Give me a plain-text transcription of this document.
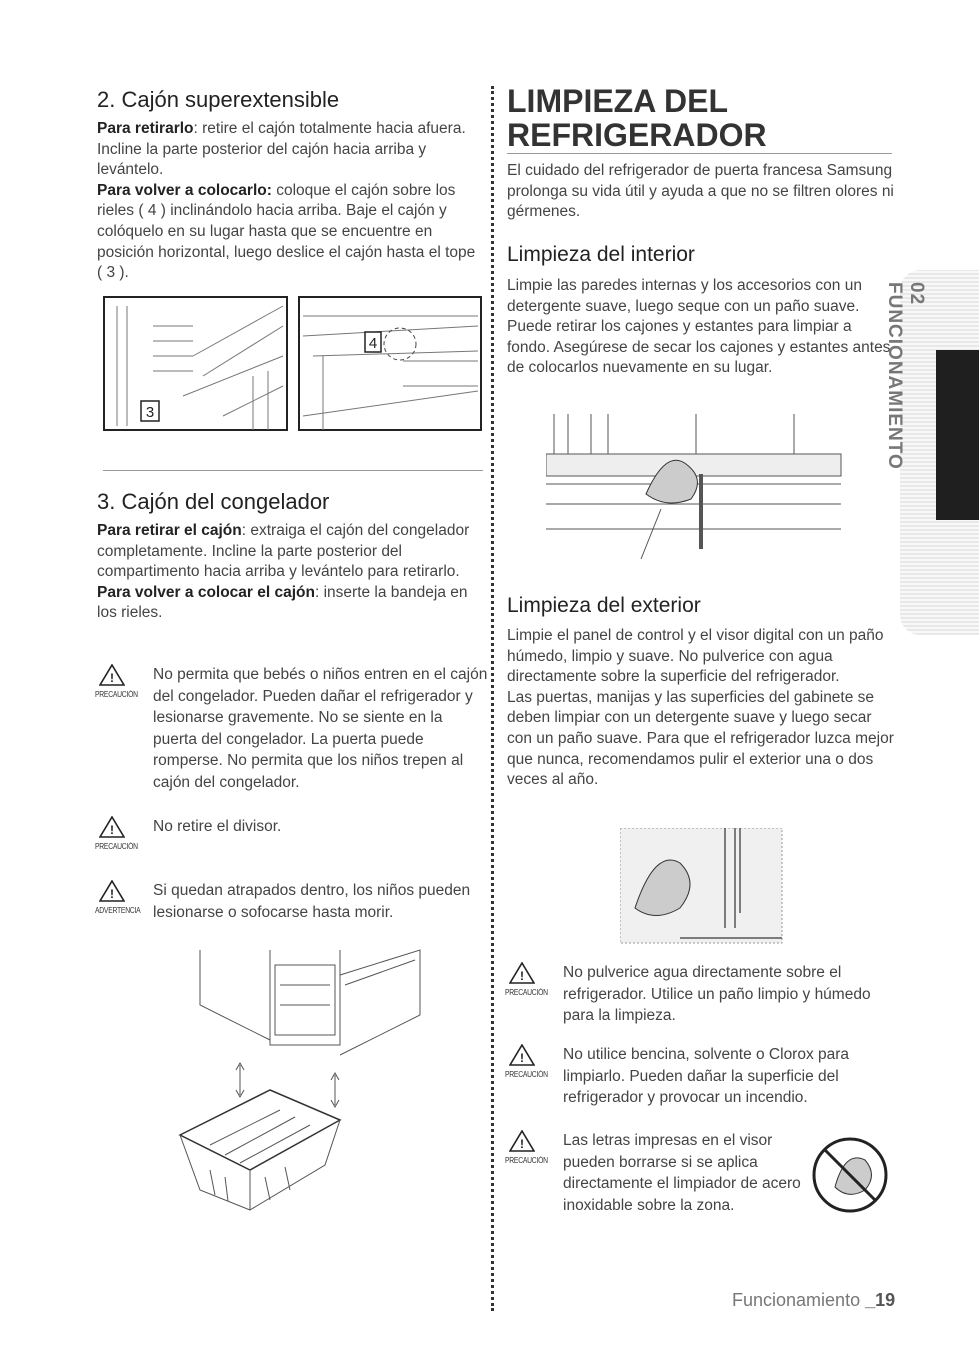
2. Cajón superextensible
Para retirarlo: retire el cajón totalmente hacia afuera. Incline la parte posterior del cajón hacia arriba y levántelo.
Para volver a colocarlo: coloque el cajón sobre los rieles ( 4 ) inclinándolo hacia arriba. Baje el cajón y colóquelo en su lugar hasta que se encuentre en posición horizontal, luego deslice el cajón hasta el tope ( 3 ).
3
4
3. Cajón del congelador
Para retirar el cajón: extraiga el cajón del congelador completamente. Incline la parte posterior del compartimento hacia arriba y levántelo para retirarlo.
Para volver a colocar el cajón: inserte la bandeja en los rieles.
!
PRECAUCIÓN
No permita que bebés o niños entren en el cajón del congelador. Pueden dañar el refrigerador y lesionarse gravemente. No se siente en la puerta del congelador. La puerta puede romperse. No permita que los niños trepen al cajón del congelador.
!
PRECAUCIÓN
No retire el divisor.
!
ADVERTENCIA
Si quedan atrapados dentro, los niños pueden lesionarse o sofocarse hasta morir.
LIMPIEZA DEL
REFRIGERADOR
El cuidado del refrigerador de puerta francesa Samsung prolonga su vida útil y ayuda a que no se filtren olores ni gérmenes.
Limpieza del interior
Limpie las paredes internas y los accesorios con un detergente suave, luego seque con un paño suave. Puede retirar los cajones y estantes para limpiar a fondo. Asegúrese de secar los cajones y estantes antes de colocarlos nuevamente en su lugar.
Limpieza del exterior
Limpie el panel de control y el visor digital con un paño húmedo, limpio y suave. No pulverice con agua directamente sobre la superficie del refrigerador.
Las puertas, manijas y las superficies del gabinete se deben limpiar con un detergente suave y luego secar con un paño suave. Para que el refrigerador luzca mejor que nunca, recomendamos pulir el exterior una o dos veces al año.
!
PRECAUCIÓN
No pulverice agua directamente sobre el refrigerador. Utilice un paño limpio y húmedo para la limpieza.
!
PRECAUCIÓN
No utilice bencina, solvente o Clorox para limpiarlo. Pueden dañar la superficie del refrigerador y provocar un incendio.
!
PRECAUCIÓN
Las letras impresas en el visor pueden borrarse si se aplica directamente el limpiador de acero inoxidable sobre la zona.
02 FUNCIONAMIENTO
Funcionamiento _19
